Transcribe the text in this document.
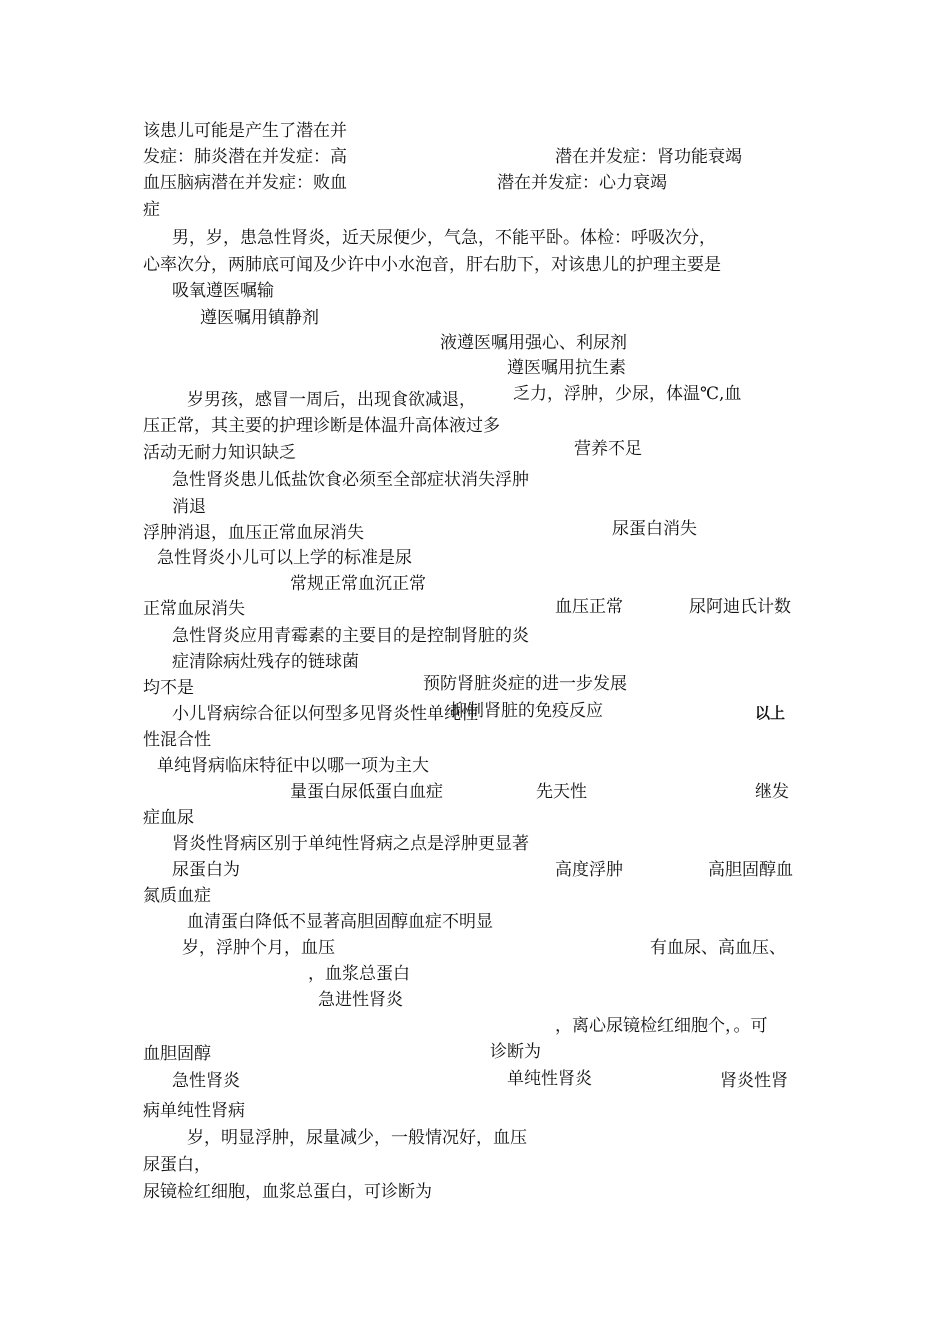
该患儿可能是产生了潜在并
发症：肺炎潜在并发症：高	潜在并发症：肾功能衰竭
血压脑病潜在并发症：败血	潜在并发症：心力衰竭
症
男，岁，患急性肾炎，近天尿便少，气急，不能平卧。体检：呼吸次分，
心率次分，两肺底可闻及少许中小水泡音，肝右肋下，对该患儿的护理主要是
吸氧遵医嘱输
遵医嘱用镇静剂
液遵医嘱用强心、利尿剂
遵医嘱用抗生素
岁男孩，感冒一周后，出现食欲减退， 乏力，浮肿，少尿，体温℃,血
压正常，其主要的护理诊断是体温升高体液过多
活动无耐力知识缺乏	营养不足
急性肾炎患儿低盐饮食必须至全部症状消失浮肿
消退
浮肿消退，血压正常血尿消失	尿蛋白消失
急性肾炎小儿可以上学的标准是尿
常规正常血沉正常
正常血尿消失	血压正常	尿阿迪氏计数
急性肾炎应用青霉素的主要目的是控制肾脏的炎
症清除病灶残存的链球菌
均不是	预防肾脏炎症的进一步发展
小儿肾病综合征以何型多见肾炎性单纯性
抑制肾脏的免疫反应	以上
性混合性
单纯肾病临床特征中以哪一项为主大
量蛋白尿低蛋白血症	先天性	继发
症血尿
肾炎性肾病区别于单纯性肾病之点是浮肿更显著
尿蛋白为	高度浮肿	高胆固醇血
氮质血症
血清蛋白降低不显著高胆固醇血症不明显
岁，浮肿个月，血压	有血尿、高血压、
，血浆总蛋白
急进性肾炎
，离心尿镜检红细胞个，。可
血胆固醇	诊断为
急性肾炎	单纯性肾炎	肾炎性肾
病单纯性肾病
岁，明显浮肿，尿量减少，一般情况好，血压
尿蛋白，
尿镜检红细胞，血浆总蛋白，可诊断为
